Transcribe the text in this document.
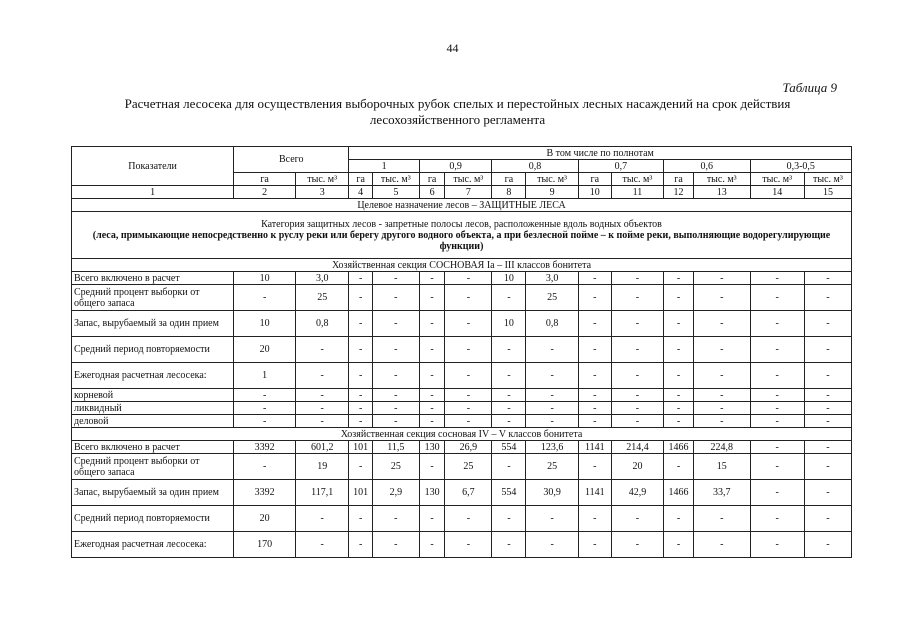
44
Таблица 9
Расчетная лесосека для осуществления выборочных рубок спелых и перестойных лесных насаждений на срок действия лесохозяйственного регламента
Показатели	Всего		В том числе по полнотам											
			1		0,9		0,8		0,7		0,6		0,3-0,5	
	га	тыс. м³	га	тыс. м³	га	тыс. м³	га	тыс. м³	га	тыс. м³	га	тыс. м³	тыс. м³	тыс. м³
1	2	3	4	5	6	7	8	9	10	11	12	13	14	15
Целевое назначение лесов – ЗАЩИТНЫЕ ЛЕСА														
Категория защитных лесов - запретные полосы лесов, расположенные вдоль водных объектов
(леса, примыкающие непосредственно к руслу реки или берегу другого водного объекта, а при безлесной пойме – к пойме реки, выполняющие водорегулирующие функции)														
Хозяйственная секция СОСНОВАЯ Ia – III классов бонитета														
Всего включено в расчет	10	3,0	-	-	-	-	10	3,0	-	-	-	-	-	-
Средний процент выборки от общего запаса	-	25	-	-	-	-	-	25	-	-	-	-	-	-
Запас, вырубаемый за один прием	10	0,8	-	-	-	-	10	0,8	-	-	-	-	-	-
Средний период повторяемости	20	-	-	-	-	-	-	-	-	-	-	-	-	-
Ежегодная расчетная лесосека:	1	-	-	-	-	-	-	-	-	-	-	-	-	-
корневой	-	-	-	-	-	-	-	-	-	-	-	-	-	-
ликвидный	-	-	-	-	-	-	-	-	-	-	-	-	-	-
деловой	-	-	-	-	-	-	-	-	-	-	-	-	-	-
Хозяйственная секция сосновая IV – V классов бонитета														
Всего включено в расчет	3392	601,2	101	11,5	130	26,9	554	123,6	1141	214,4	1466	224,8	-	-
Средний процент выборки от общего запаса	-	19	-	25	-	25	-	25	-	20	-	15	-	-
Запас, вырубаемый за один прием	3392	117,1	101	2,9	130	6,7	554	30,9	1141	42,9	1466	33,7	-	-
Средний период повторяемости	20	-	-	-	-	-	-	-	-	-	-	-	-	-
Ежегодная расчетная лесосека:	170	-	-	-	-	-	-	-	-	-	-	-	-	-
